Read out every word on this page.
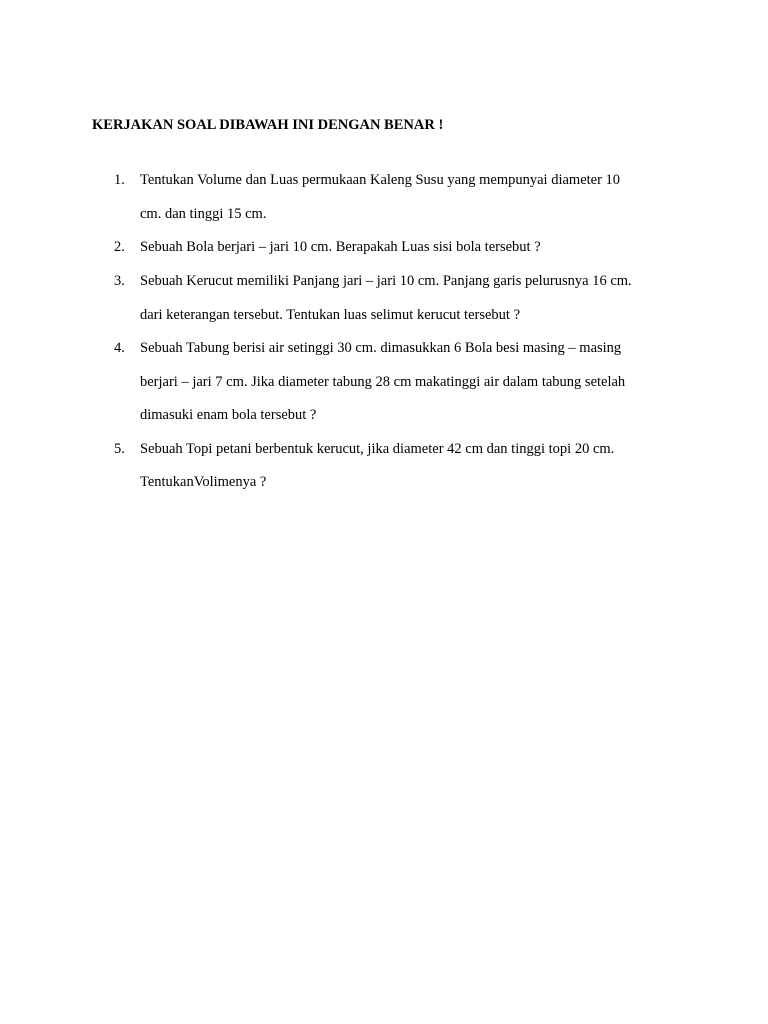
KERJAKAN SOAL DIBAWAH INI DENGAN BENAR !
1. Tentukan Volume dan Luas permukaan Kaleng Susu yang mempunyai diameter 10
cm. dan tinggi 15 cm.
2. Sebuah Bola berjari – jari 10 cm. Berapakah Luas sisi bola tersebut ?
3. Sebuah Kerucut memiliki Panjang jari – jari 10 cm. Panjang garis pelurusnya 16 cm.
dari keterangan tersebut. Tentukan luas selimut kerucut tersebut ?
4. Sebuah Tabung berisi air setinggi 30 cm. dimasukkan 6 Bola besi masing – masing
berjari – jari 7 cm. Jika diameter tabung 28 cm makatinggi air dalam tabung setelah
dimasuki enam bola tersebut ?
5. Sebuah Topi petani berbentuk kerucut, jika diameter 42 cm dan tinggi topi 20 cm.
TentukanVolimenya ?
